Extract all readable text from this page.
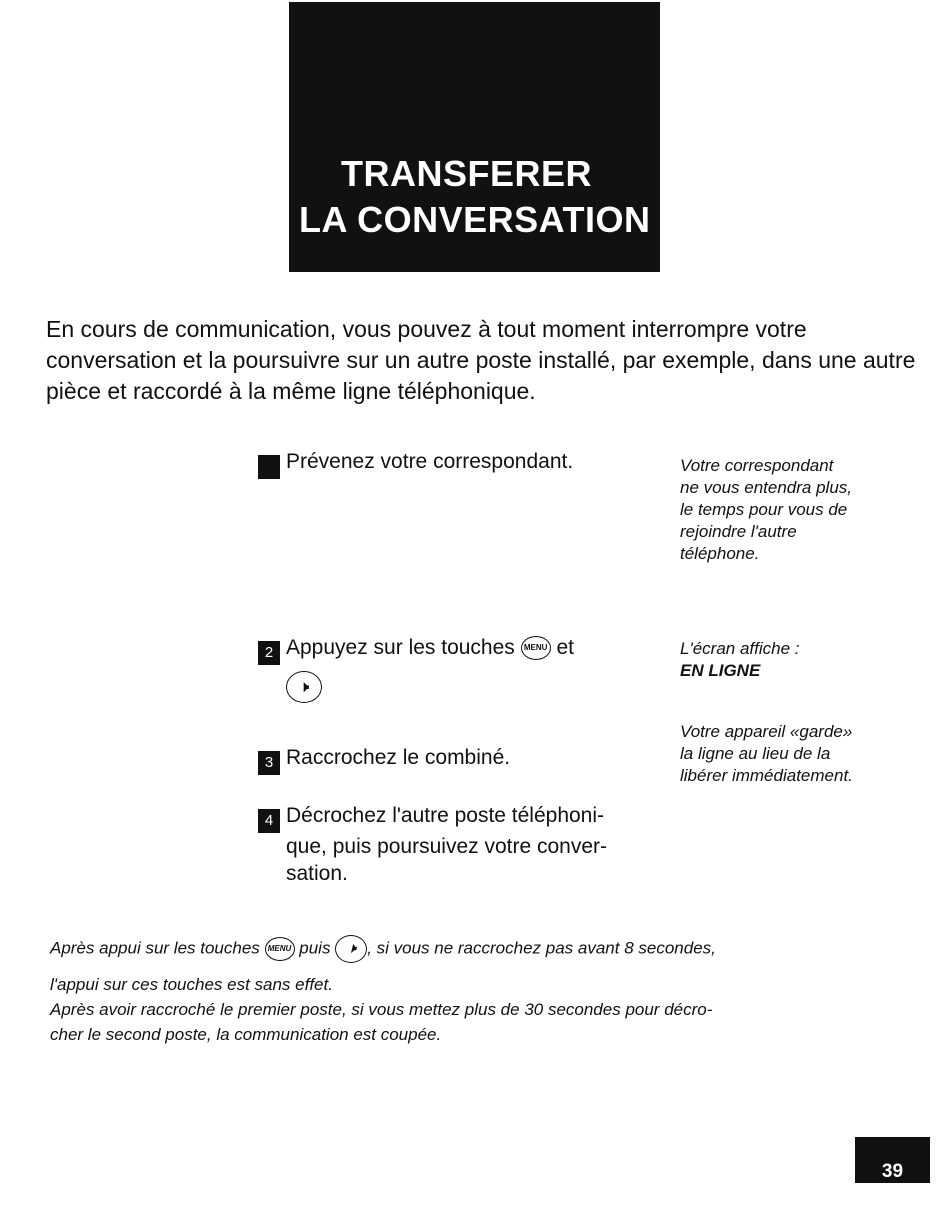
TRANSFERER
LA CONVERSATION

En cours de communication, vous pouvez à tout moment interrompre votre conversation et la poursuivre sur un autre poste installé, par exemple, dans une autre pièce et raccordé à la même ligne téléphonique.

1 Prévenez votre correspondant.
2 Appuyez sur les touches MENU et
🕨
3 Raccrochez le combiné.
4 Décrochez l'autre poste téléphoni-
que, puis poursuivez votre conver-
sation.
Votre correspondant
ne vous entendra plus,
le temps pour vous de
rejoindre l'autre
téléphone.
L'écran affiche :
EN LIGNE
Votre appareil «garde»
la ligne au lieu de la
libérer immédiatement.
Après appui sur les touches MENU puis 🕨 , si vous ne raccrochez pas avant 8 secondes,
l'appui sur ces touches est sans effet.
Après avoir raccroché le premier poste, si vous mettez plus de 30 secondes pour décro-
cher le second poste, la communication est coupée.
39
